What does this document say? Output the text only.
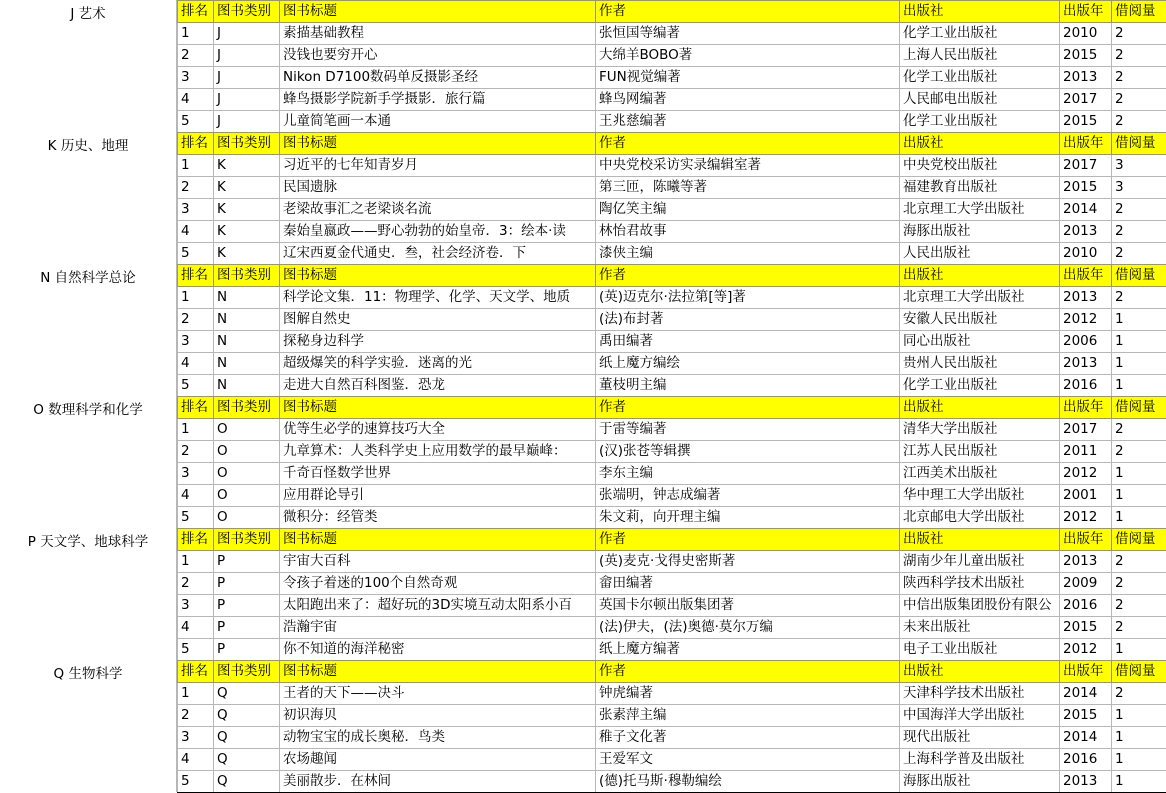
J 艺术	排名	图书类别	图书标题	作者	出版社	出版年	借阅量
1	J	素描基础教程	张恒国等编著	化学工业出版社	2010	2
2	J	没钱也要穷开心	大绵羊BOBO著	上海人民出版社	2015	2
3	J	Nikon D7100数码单反摄影圣经	FUN视觉编著	化学工业出版社	2013	2
4	J	蜂鸟摄影学院新手学摄影．旅行篇	蜂鸟网编著	人民邮电出版社	2017	2
5	J	儿童简笔画一本通	王兆慈编著	化学工业出版社	2015	2
K 历史、地理	排名	图书类别	图书标题	作者	出版社	出版年	借阅量
1	K	习近平的七年知青岁月	中央党校采访实录编辑室著	中央党校出版社	2017	3
2	K	民国遗脉	第三匝，陈曦等著	福建教育出版社	2015	3
3	K	老梁故事汇之老梁谈名流	陶亿笑主编	北京理工大学出版社	2014	2
4	K	秦始皇嬴政——野心勃勃的始皇帝．3：绘本·读	林怡君故事	海豚出版社	2013	2
5	K	辽宋西夏金代通史．叁，社会经济卷．下	漆侠主编	人民出版社	2010	2
N 自然科学总论	排名	图书类别	图书标题	作者	出版社	出版年	借阅量
1	N	科学论文集．11：物理学、化学、天文学、地质	(英)迈克尔·法拉第[等]著	北京理工大学出版社	2013	2
2	N	图解自然史	(法)布封著	安徽人民出版社	2012	1
3	N	探秘身边科学	禹田编著	同心出版社	2006	1
4	N	超级爆笑的科学实验．迷离的光	纸上魔方编绘	贵州人民出版社	2013	1
5	N	走进大自然百科图鉴．恐龙	董枝明主编	化学工业出版社	2016	1
O 数理科学和化学	排名	图书类别	图书标题	作者	出版社	出版年	借阅量
1	O	优等生必学的速算技巧大全	于雷等编著	清华大学出版社	2017	2
2	O	九章算术：人类科学史上应用数学的最早巅峰：	(汉)张苍等辑撰	江苏人民出版社	2011	2
3	O	千奇百怪数学世界	李东主编	江西美术出版社	2012	1
4	O	应用群论导引	张端明，钟志成编著	华中理工大学出版社	2001	1
5	O	微积分：经管类	朱文莉，向开理主编	北京邮电大学出版社	2012	1
P 天文学、地球科学	排名	图书类别	图书标题	作者	出版社	出版年	借阅量
1	P	宇宙大百科	(英)麦克·戈得史密斯著	湖南少年儿童出版社	2013	2
2	P	令孩子着迷的100个自然奇观	畲田编著	陕西科学技术出版社	2009	2
3	P	太阳跑出来了：超好玩的3D实境互动太阳系小百	英国卡尔顿出版集团著	中信出版集团股份有限公	2016	2
4	P	浩瀚宇宙	(法)伊夫，(法)奥德·莫尔万编	未来出版社	2015	2
5	P	你不知道的海洋秘密	纸上魔方编著	电子工业出版社	2012	1
Q 生物科学	排名	图书类别	图书标题	作者	出版社	出版年	借阅量
1	Q	王者的天下——决斗	钟虎编著	天津科学技术出版社	2014	2
2	Q	初识海贝	张素萍主编	中国海洋大学出版社	2015	1
3	Q	动物宝宝的成长奥秘．鸟类	稚子文化著	现代出版社	2014	1
4	Q	农场趣闻	王爱军文	上海科学普及出版社	2016	1
5	Q	美丽散步．在林间	(德)托马斯·穆勒编绘	海豚出版社	2013	1
